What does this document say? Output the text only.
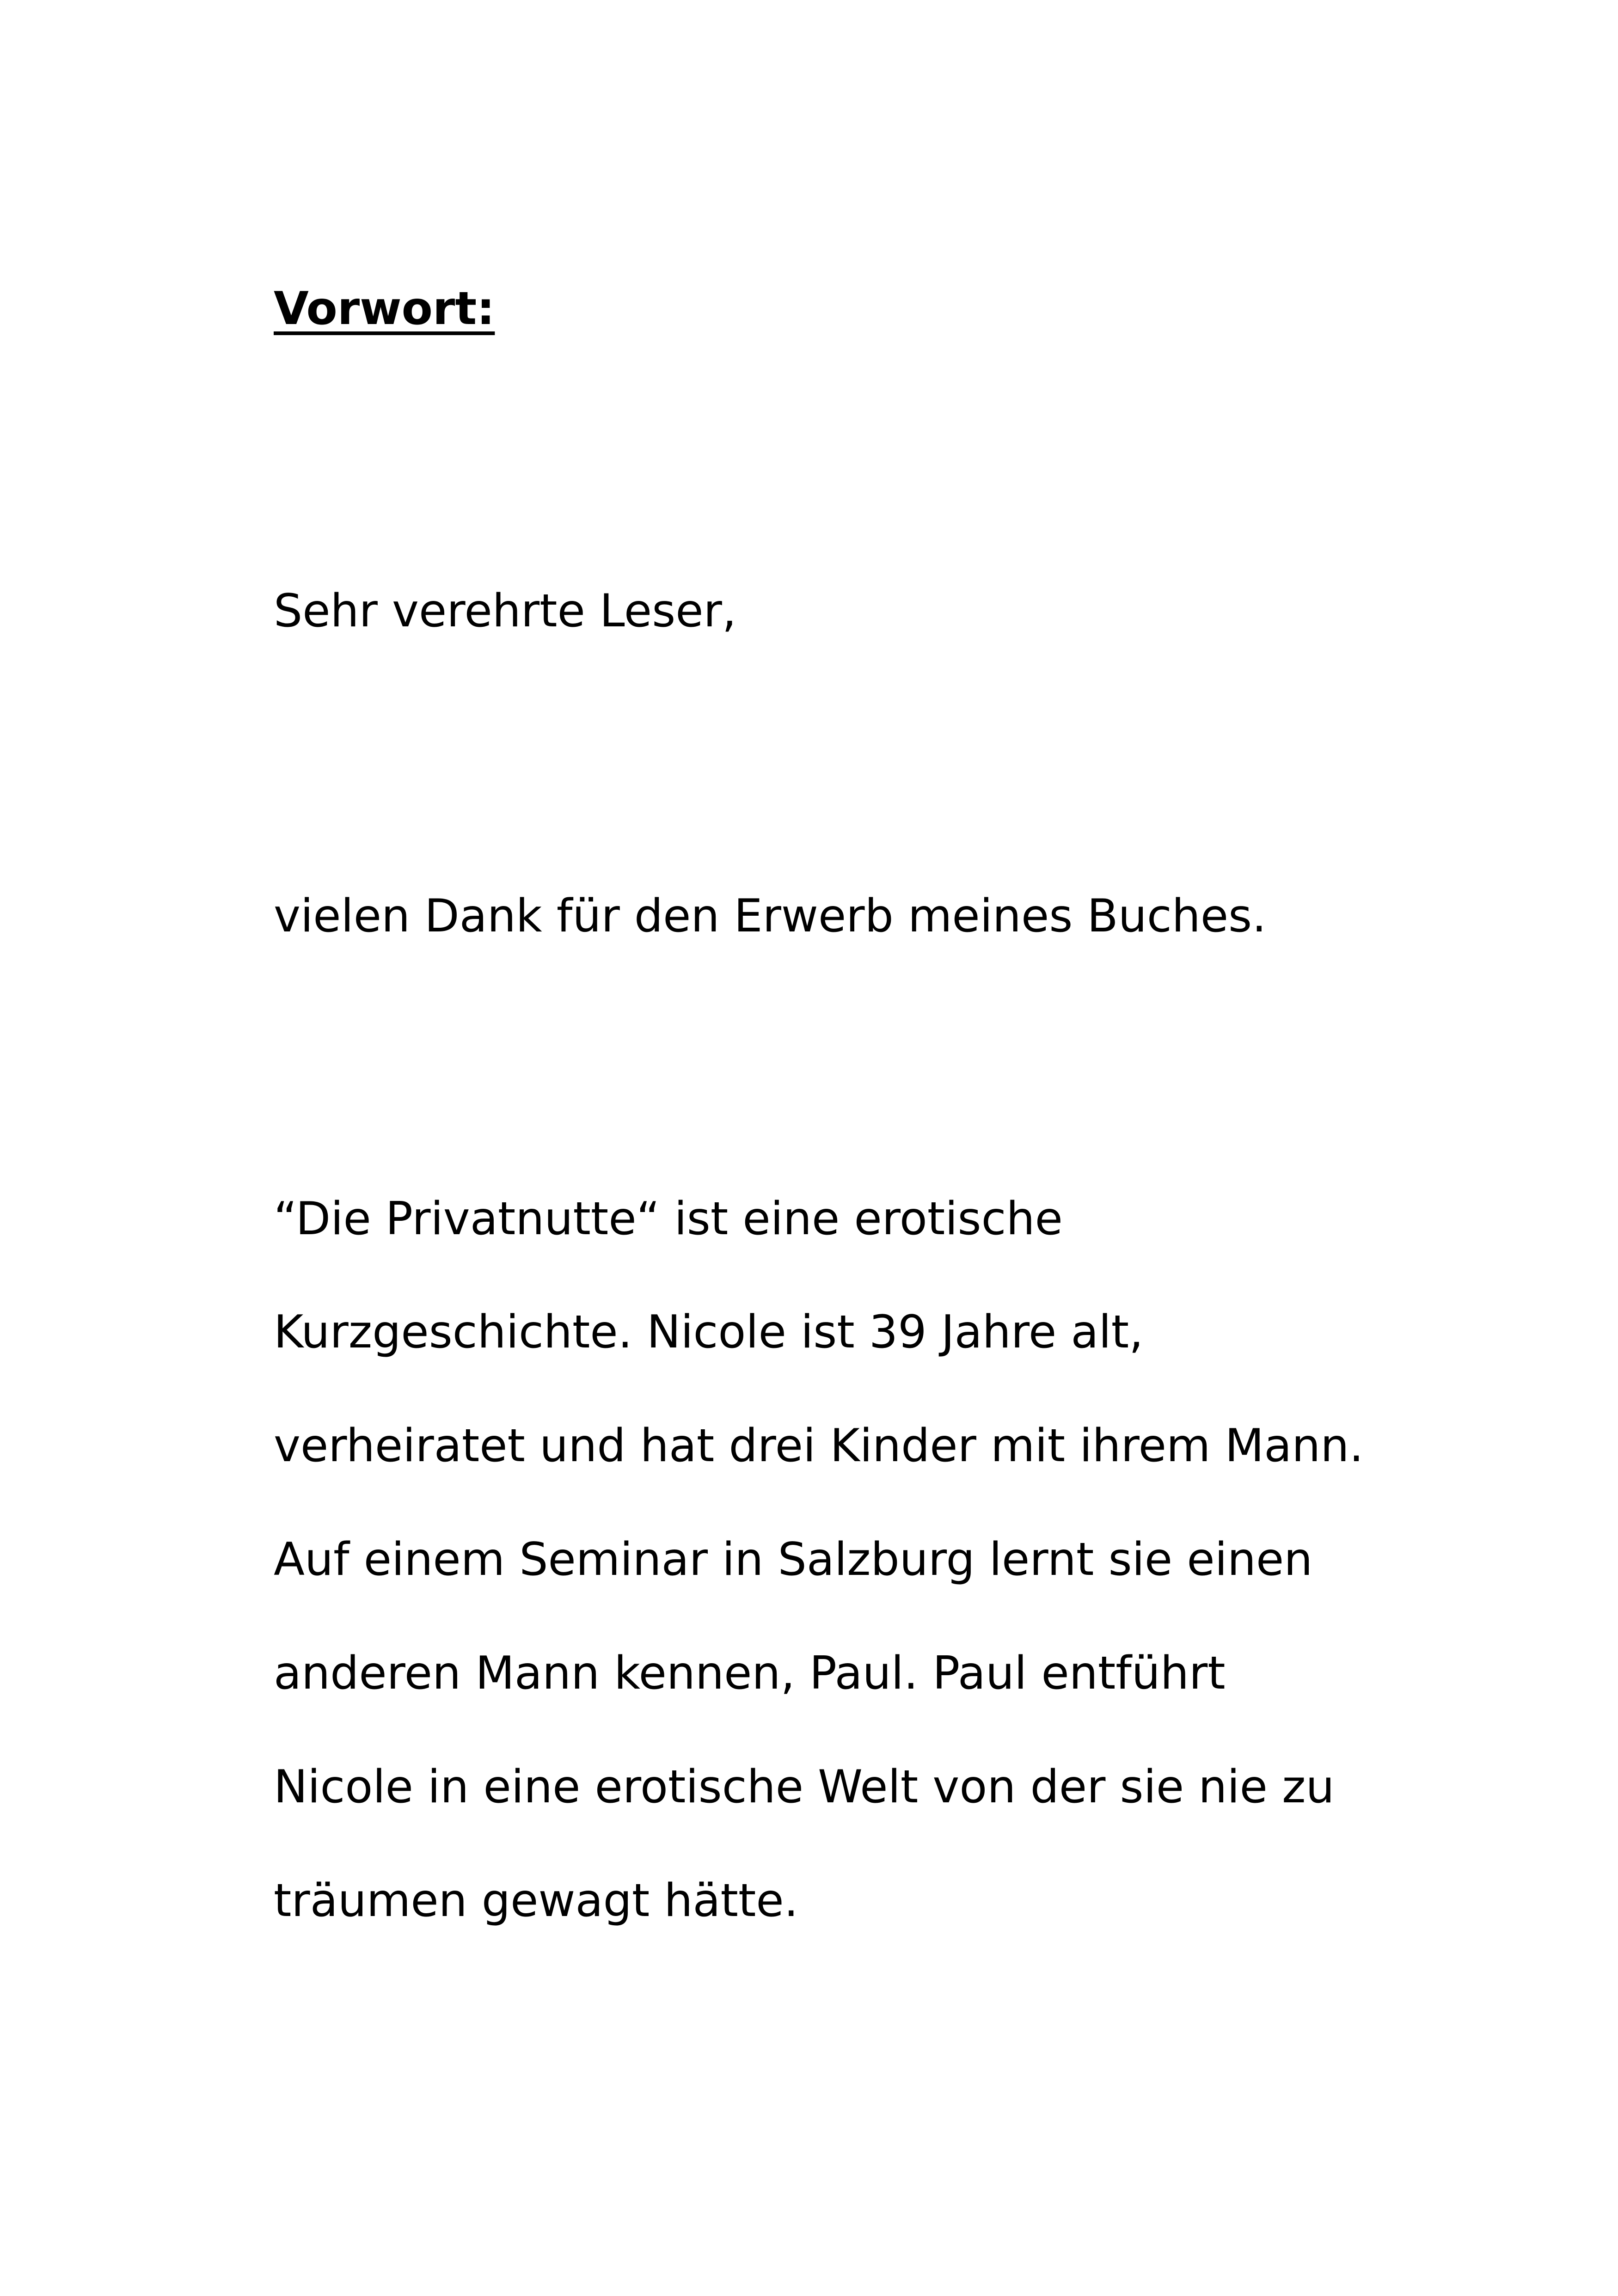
Vorwort:

Sehr verehrte Leser,

vielen Dank für den Erwerb meines Buches.

“Die Privatnutte“ ist eine erotische

Kurzgeschichte. Nicole ist 39 Jahre alt,

verheiratet und hat drei Kinder mit ihrem Mann.

Auf einem Seminar in Salzburg lernt sie einen

anderen Mann kennen, Paul. Paul entführt

Nicole in eine erotische Welt von der sie nie zu

träumen gewagt hätte.
